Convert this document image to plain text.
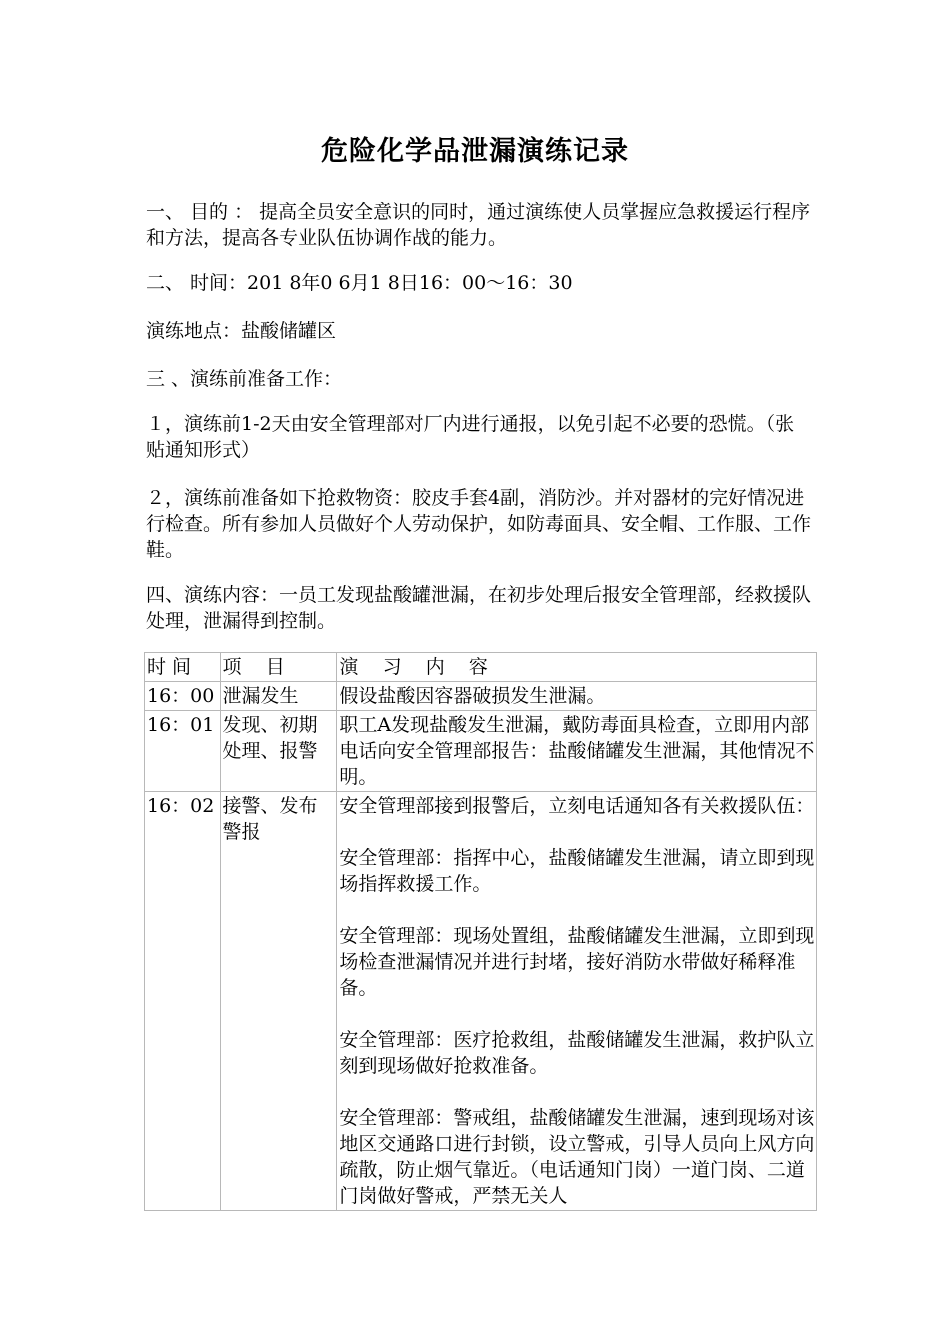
危险化学品泄漏演练记录

一、 目的 ： 提高全员安全意识的同时，通过演练使人员掌握应急救援运行程序和方法，提高各专业队伍协调作战的能力。

二、 时间：201 8年0 6月1 8日16：00～16：30

演练地点：盐酸储罐区

三 、演练前准备工作：

１，演练前1-2天由安全管理部对厂内进行通报，以免引起不必要的恐慌。（张贴通知形式）

２，演练前准备如下抢救物资：胶皮手套4副，消防沙。并对器材的完好情况进行检查。所有参加人员做好个人劳动保护，如防毒面具、安全帽、工作服、工作鞋。

四、演练内容：一员工发现盐酸罐泄漏，在初步处理后报安全管理部，经救援队处理，泄漏得到控制。

时 间	项    目	演    习    内    容
16：00	泄漏发生	假设盐酸因容器破损发生泄漏。

16：01	发现、初期处理、报警	职工A发现盐酸发生泄漏，戴防毒面具检查，立即用内部电话向安全管理部报告：盐酸储罐发生泄漏，其他情况不明。

16：02	接警、发布警报	安全管理部接到报警后，立刻电话通知各有关救援队伍：
安全管理部：指挥中心，盐酸储罐发生泄漏，请立即到现场指挥救援工作。
安全管理部：现场处置组，盐酸储罐发生泄漏，立即到现场检查泄漏情况并进行封堵，接好消防水带做好稀释准备。
安全管理部：医疗抢救组，盐酸储罐发生泄漏，救护队立刻到现场做好抢救准备。
安全管理部：警戒组，盐酸储罐发生泄漏，速到现场对该地区交通路口进行封锁，设立警戒，引导人员向上风方向疏散，防止烟气靠近。（电话通知门岗）一道门岗、二道门岗做好警戒，严禁无关人
